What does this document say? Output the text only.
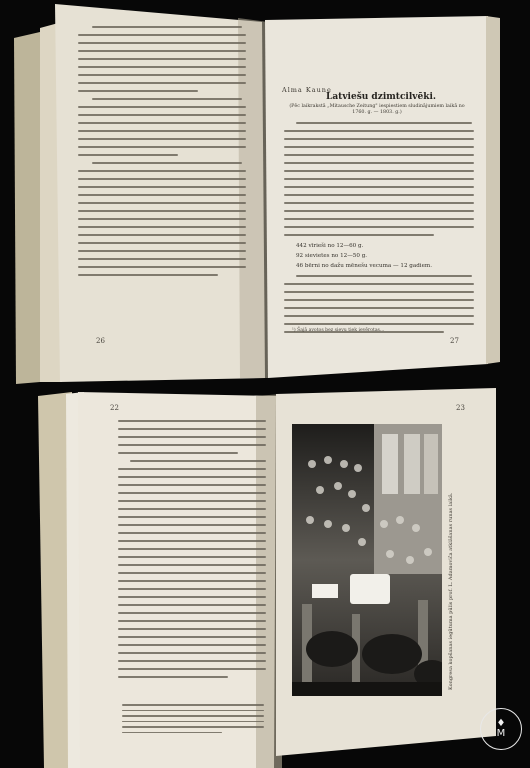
26
Alma Kaune
Latviešu dzimtcilvēki.
(Pēc laikrakstā „Mitausche Zeitung" iespiestiem sludinājumiem laikā no 1760. g. — 1803. g.)
442 vīrieši no 12—60 g.
92 sievietes no 12—50 g.
46 bērni no dažu mēnešu vecuma — 12 gadiem.
¹) Šajā avotos bez sievu tiek ievērotas...
27
22	23
Kongresa kopšanas iegūtuma pūlis prof. L. Adamoviča atklāšanas runas laikā.
♦
M
